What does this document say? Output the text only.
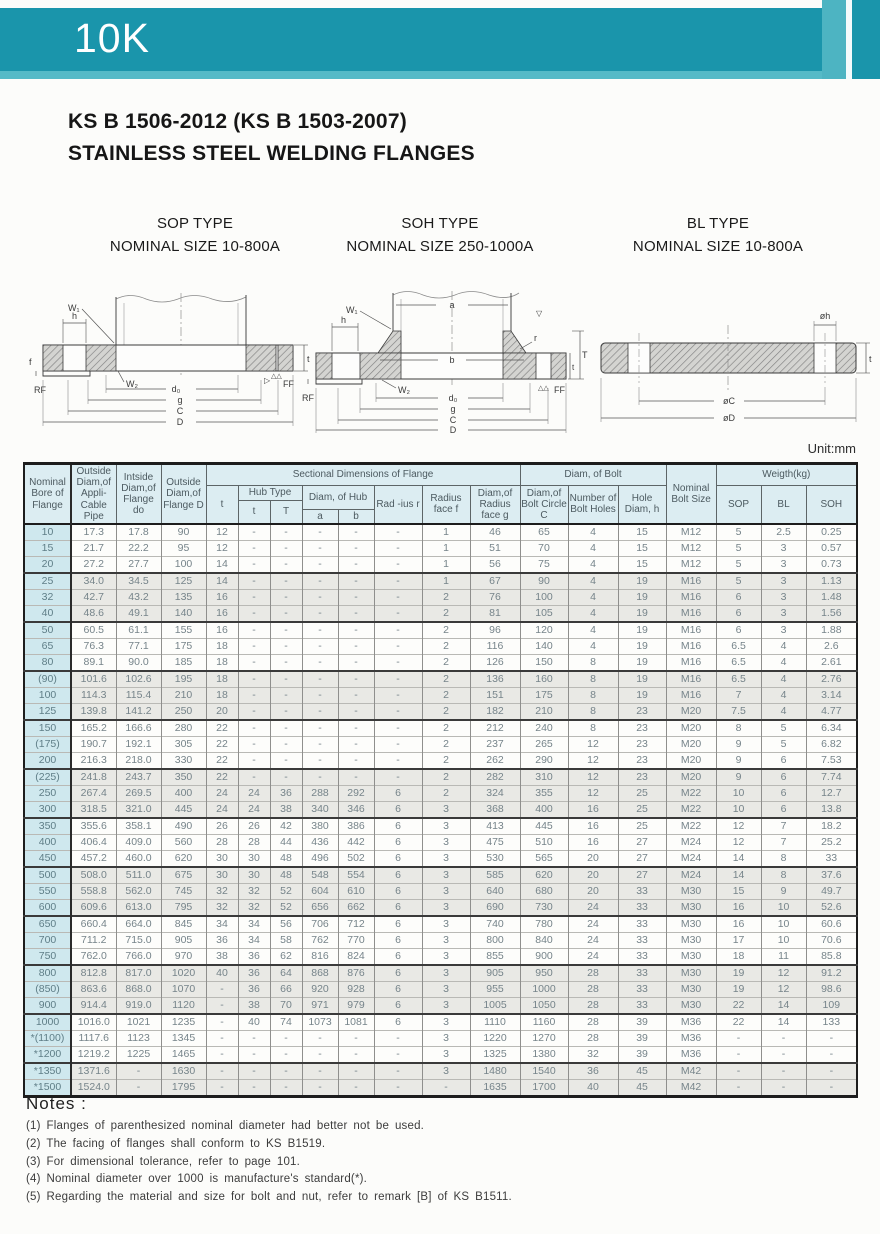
10K
KS B 1506-2012 (KS B 1503-2007)
STAINLESS STEEL WELDING FLANGES
SOP TYPE
NOMINAL SIZE 10-800A
SOH TYPE
NOMINAL SIZE 250-1000A
BL TYPE
NOMINAL SIZE 10-800A
h
W₁
W₂
f
RF
t
FF
▷ △△
d₀
g
C
D
a
h
W₁
b
r
W₂
RF
T
t
FF
△△
▽
d₀
g
C
D
øh
t
øC
øD
Unit:mm
Nominal Bore of Flange	Outside Diam,of Appli-Cable Pipe	Intside Diam,of Flange do	Outside Diam,of Flange D	Sectional Dimensions of Flange								Diam, of Bolt			Nominal Bolt Size	Weigth(kg)		
				t	Hub Type		Diam, of Hub		Rad -ius r	Radius face f	Diam,of Radius face g	Diam,of Bolt Circle C	Number of Bolt Holes	Hole Diam, h		SOP	BL	SOH
					t	T												
							a	b										
10	17.3	17.8	90	12	-	-	-	-	-	1	46	65	4	15	M12	5	2.5	0.25
15	21.7	22.2	95	12	-	-	-	-	-	1	51	70	4	15	M12	5	3	0.57
20	27.2	27.7	100	14	-	-	-	-	-	1	56	75	4	15	M12	5	3	0.73
25	34.0	34.5	125	14	-	-	-	-	-	1	67	90	4	19	M16	5	3	1.13
32	42.7	43.2	135	16	-	-	-	-	-	2	76	100	4	19	M16	6	3	1.48
40	48.6	49.1	140	16	-	-	-	-	-	2	81	105	4	19	M16	6	3	1.56
50	60.5	61.1	155	16	-	-	-	-	-	2	96	120	4	19	M16	6	3	1.88
65	76.3	77.1	175	18	-	-	-	-	-	2	116	140	4	19	M16	6.5	4	2.6
80	89.1	90.0	185	18	-	-	-	-	-	2	126	150	8	19	M16	6.5	4	2.61
(90)	101.6	102.6	195	18	-	-	-	-	-	2	136	160	8	19	M16	6.5	4	2.76
100	114.3	115.4	210	18	-	-	-	-	-	2	151	175	8	19	M16	7	4	3.14
125	139.8	141.2	250	20	-	-	-	-	-	2	182	210	8	23	M20	7.5	4	4.77
150	165.2	166.6	280	22	-	-	-	-	-	2	212	240	8	23	M20	8	5	6.34
(175)	190.7	192.1	305	22	-	-	-	-	-	2	237	265	12	23	M20	9	5	6.82
200	216.3	218.0	330	22	-	-	-	-	-	2	262	290	12	23	M20	9	6	7.53
(225)	241.8	243.7	350	22	-	-	-	-	-	2	282	310	12	23	M20	9	6	7.74
250	267.4	269.5	400	24	24	36	288	292	6	2	324	355	12	25	M22	10	6	12.7
300	318.5	321.0	445	24	24	38	340	346	6	3	368	400	16	25	M22	10	6	13.8
350	355.6	358.1	490	26	26	42	380	386	6	3	413	445	16	25	M22	12	7	18.2
400	406.4	409.0	560	28	28	44	436	442	6	3	475	510	16	27	M24	12	7	25.2
450	457.2	460.0	620	30	30	48	496	502	6	3	530	565	20	27	M24	14	8	33
500	508.0	511.0	675	30	30	48	548	554	6	3	585	620	20	27	M24	14	8	37.6
550	558.8	562.0	745	32	32	52	604	610	6	3	640	680	20	33	M30	15	9	49.7
600	609.6	613.0	795	32	32	52	656	662	6	3	690	730	24	33	M30	16	10	52.6
650	660.4	664.0	845	34	34	56	706	712	6	3	740	780	24	33	M30	16	10	60.6
700	711.2	715.0	905	36	34	58	762	770	6	3	800	840	24	33	M30	17	10	70.6
750	762.0	766.0	970	38	36	62	816	824	6	3	855	900	24	33	M30	18	11	85.8
800	812.8	817.0	1020	40	36	64	868	876	6	3	905	950	28	33	M30	19	12	91.2
(850)	863.6	868.0	1070	-	36	66	920	928	6	3	955	1000	28	33	M30	19	12	98.6
900	914.4	919.0	1120	-	38	70	971	979	6	3	1005	1050	28	33	M30	22	14	109
1000	1016.0	1021	1235	-	40	74	1073	1081	6	3	1110	1160	28	39	M36	22	14	133
*(1100)	1117.6	1123	1345	-	-	-	-	-	-	3	1220	1270	28	39	M36	-	-	-
*1200	1219.2	1225	1465	-	-	-	-	-	-	3	1325	1380	32	39	M36	-	-	-
*1350	1371.6	-	1630	-	-	-	-	-	-	3	1480	1540	36	45	M42	-	-	-
*1500	1524.0	-	1795	-	-	-	-	-	-	-	1635	1700	40	45	M42	-	-	-
Notes :
(1) Flanges of parenthesized nominal diameter had better not be used.
(2) The facing of flanges shall conform to KS B1519.
(3) For dimensional tolerance, refer to page 101.
(4) Nominal diameter over 1000 is manufacture's standard(*).
(5) Regarding the material and size for bolt and nut, refer to remark [B] of KS B1511.
